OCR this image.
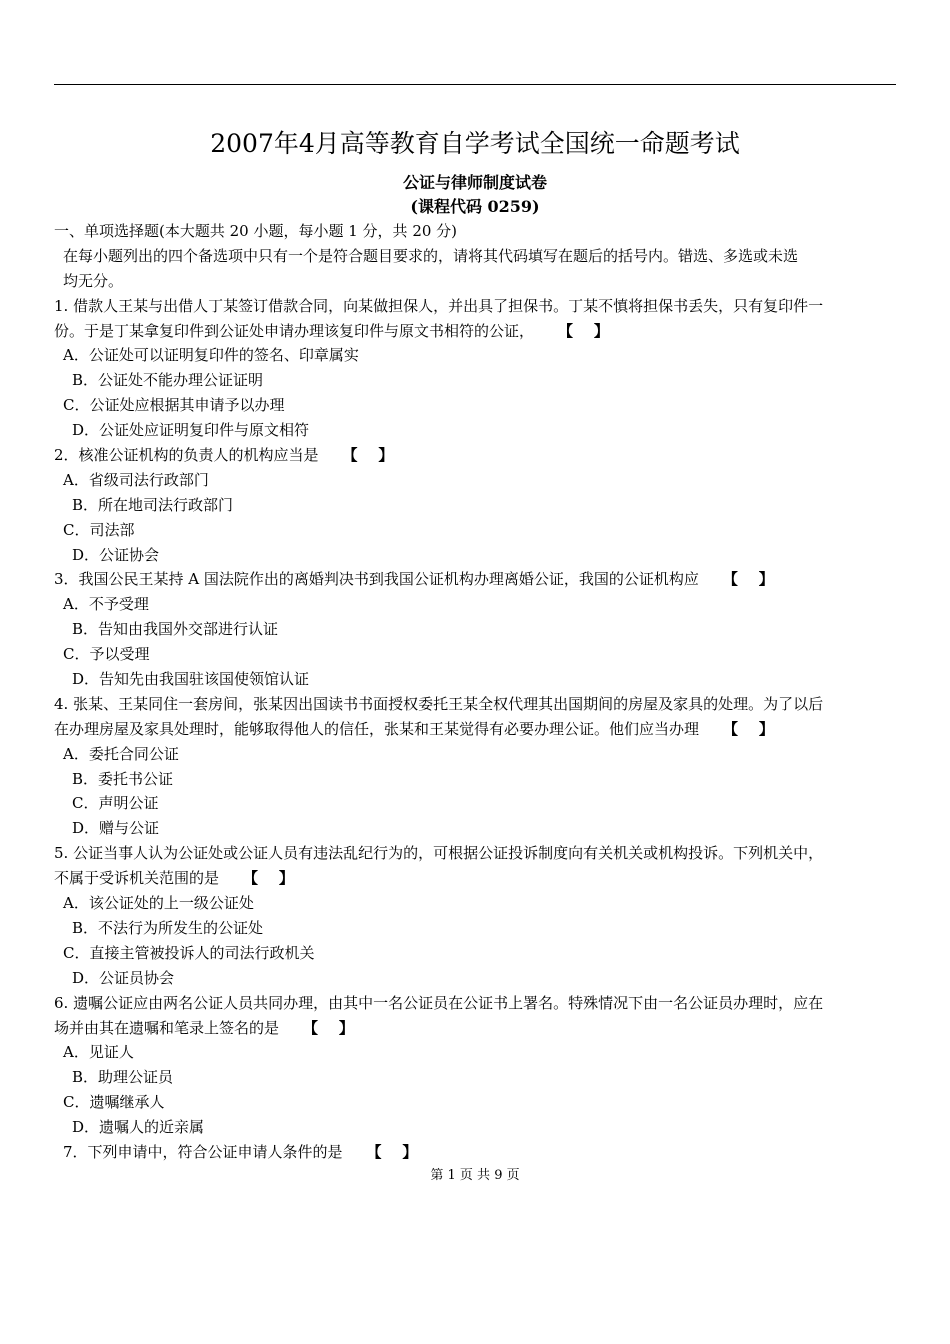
2007年4月高等教育自学考试全国统一命题考试
公证与律师制度试卷
(课程代码 0259)
一、单项选择题(本大题共 20 小题，每小题 1 分，共 20 分)
在每小题列出的四个备选项中只有一个是符合题目要求的，请将其代码填写在题后的括号内。错选、多选或未选
均无分。
1. 借款人王某与出借人丁某签订借款合同，向某做担保人，并出具了担保书。丁某不慎将担保书丢失，只有复印件一
份。于是丁某拿复印件到公证处申请办理该复印件与原文书相符的公证， 【    】
A．公证处可以证明复印件的签名、印章属实
B．公证处不能办理公证证明
C．公证处应根据其申请予以办理
D．公证处应证明复印件与原文相符
2．核准公证机构的负责人的机构应当是 【    】
A．省级司法行政部门
B．所在地司法行政部门
C．司法部
D．公证协会
3．我国公民王某持 A 国法院作出的离婚判决书到我国公证机构办理离婚公证，我国的公证机构应 【    】
A．不予受理
B．告知由我国外交部进行认证
C．予以受理
D．告知先由我国驻该国使领馆认证
4. 张某、王某同住一套房间，张某因出国读书书面授权委托王某全权代理其出国期间的房屋及家具的处理。为了以后
在办理房屋及家具处理时，能够取得他人的信任，张某和王某觉得有必要办理公证。他们应当办理 【    】
A．委托合同公证
B．委托书公证
C．声明公证
D．赠与公证
5. 公证当事人认为公证处或公证人员有违法乱纪行为的，可根据公证投诉制度向有关机关或机构投诉。下列机关中，
不属于受诉机关范围的是 【    】
A．该公证处的上一级公证处
B．不法行为所发生的公证处
C．直接主管被投诉人的司法行政机关
D．公证员协会
6. 遗嘱公证应由两名公证人员共同办理，由其中一名公证员在公证书上署名。特殊情况下由一名公证员办理时，应在
场并由其在遗嘱和笔录上签名的是 【    】
A．见证人
B．助理公证员
C．遗嘱继承人
D．遗嘱人的近亲属
7．下列申请中，符合公证申请人条件的是 【    】
第 1 页 共 9 页
